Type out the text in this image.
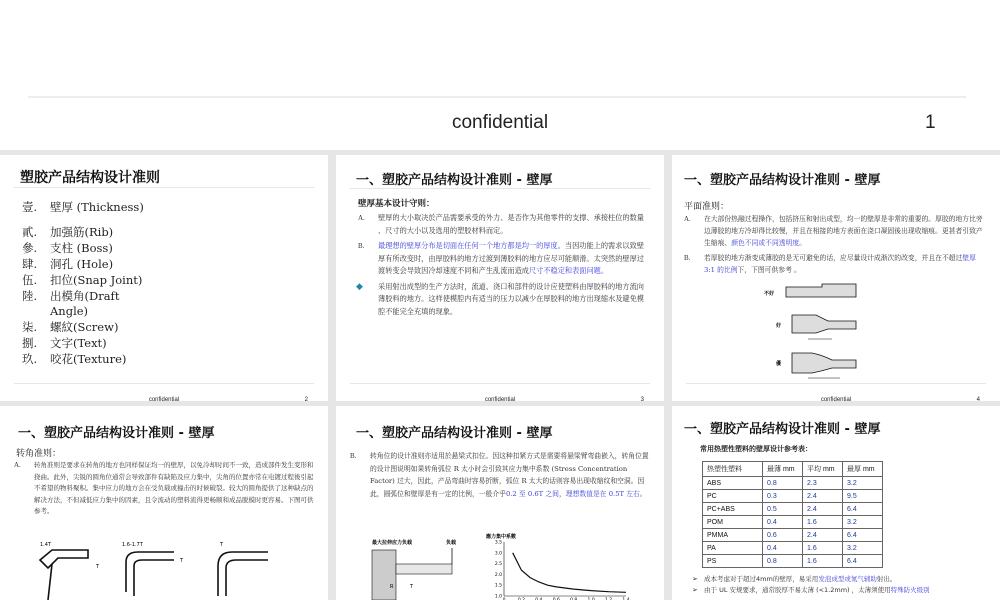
confidential	1
塑胶产品结构设计准则
壹. 壁厚 (Thickness)
貳. 加强筋(Rib)
參. 支柱 (Boss)
肆. 洞孔 (Hole)
伍. 扣位(Snap Joint)
陸. 出模角(Draft Angle)
柒. 螺紋(Screw)
捌. 文字(Text)
玖. 咬花(Texture)
confidential	2
一、塑胶产品结构设计准则 - 壁厚
壁厚基本设计守则：
A. 壁厚的大小取决於产品需要承受的外力、是否作为其他零件的支撑、承接柱位的数量 、尺寸的大小以及选用的塑胶材料而定。
B. 最理想的壁厚分布是切面在任何一个地方都是均一的厚度。当因功能上的需求以致壁厚有所改变时，由厚胶料的地方过渡到薄胶料的地方应尽可能顺滑。太突然的壁厚过渡转变会导致因冷却速度不同和产生乱流而造成尺寸不稳定和表面问题。
◆ 采用射出成型的生产方法时，流道、浇口和部件的设计应使塑料由厚胶料的地方流向薄胶料的地方。这样使模腔内有适当的压力以减少在厚胶料的地方出现缩水及避免模腔不能完全充填的现象。
confidential	3
一、塑胶产品结构设计准则 - 壁厚
平面准则：
A. 在大部份热融过程操作，包括挤压和射出成型，均一的壁厚是非常的重要的。厚胶的地方比旁边薄胶的地方冷却得比较慢，并且在相接的地方表面在浇口凝固後出现收缩痕。更甚者引致产生缩痕、颜色不同或不同透明度。
B. 若厚胶的地方渐变成薄胶的是无可避免的话，应尽量设计成渐次的改变，并且在不超过壁厚 3:1 的比例下，下图可供参考 。
不好
好
優
confidential	4
一、塑胶产品结构设计准则 - 壁厚
转角准则：
A. 转角准则是要求在转角的地方也同样保证均一的壁厚，以免冷却时间不一致，造成部件发生变形和挠曲。此外，尖锐的圆角位通常会导致部件有缺陷及应力集中，尖角的位置亦常在电镀过程後引起不希望的物料聚积。集中应力的地方会在受负载或撞击的时候破裂。较大的圆角提供了这种缺点的解决方法，不但减低应力集中的因素，且令流动的塑料流得更畅顺和成品脱模时更容易。下图可供参考。
1.4T
T
1.6-1.7T
T
T
一、塑胶产品结构设计准则 - 壁厚
B. 转角位的设计准则亦适用於悬梁式扣位。因这种扣紧方式是需要将悬梁臂弯曲嵌入，转角位置的设计图说明如果转角弧位 R 太小时会引致其应力集中系数 (Stress Concentration Factor) 过大，因此，产品弯曲时容易折断，弧位 R 太大的话则容易出现收缩纹和空洞。因此，圆弧位和壁厚是有一定的比例，一般介乎0.2 至 0.6T 之间，理想数值是在 0.5T 左右。
最大拉伸应力负载	负载
R	T
應力集中系數
1.0
1.5
2.0
2.5
3.0
3.5
一、塑胶产品结构设计准则 - 壁厚
常用热塑性塑料的壁厚设计参考表：
热塑性塑料	最薄 mm	平均 mm	最厚 mm
ABS	0.8	2.3	3.2
PC	0.3	2.4	9.5
PC+ABS	0.5	2.4	6.4
POM	0.4	1.6	3.2
PMMA	0.6	2.4	6.4
PA	0.4	1.6	3.2
PS	0.8	1.6	6.4
➢ 成本考虑对于超过4mm的壁厚，易采用发泡成型或氮气辅助射出。
➢ 由于 UL 安规要求，通常胶厚不易太薄 (<1.2mm) ，太薄须使用特殊防火级别
